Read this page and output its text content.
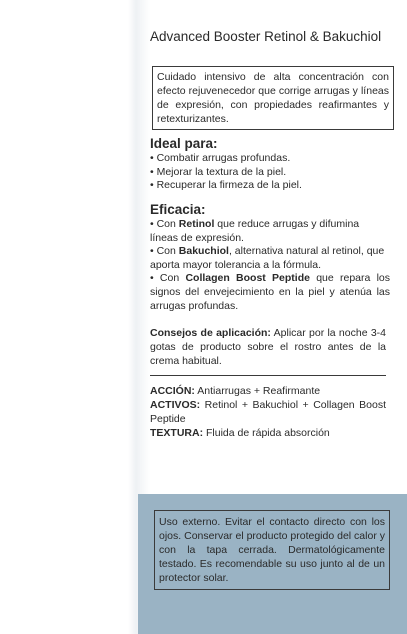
Advanced Booster Retinol & Bakuchiol
Cuidado intensivo de alta concentración con efecto rejuvenecedor que corrige arrugas y líneas de expresión, con propiedades reafirmantes y retexturizantes.
Ideal para:

• Combatir arrugas profundas.

• Mejorar la textura de la piel.

• Recuperar la firmeza de la piel.

Eficacia:

• Con Retinol que reduce arrugas y difumina líneas de expresión.

• Con Bakuchiol, alternativa natural al retinol, que aporta mayor tolerancia a la fórmula.

• Con Collagen Boost Peptide que repara los signos del envejecimiento en la piel y atenúa las arrugas profundas.

Consejos de aplicación: Aplicar por la noche 3-4 gotas de producto sobre el rostro antes de la crema habitual.

ACCIÓN: Antiarrugas + Reafirmante

ACTIVOS: Retinol + Bakuchiol + Collagen Boost Peptide

TEXTURA: Fluida de rápida absorción

Uso externo. Evitar el contacto directo con los ojos. Conservar el producto protegido del calor y con la tapa cerrada. Dermatológicamente testado. Es recomendable su uso junto al de un protector solar.
